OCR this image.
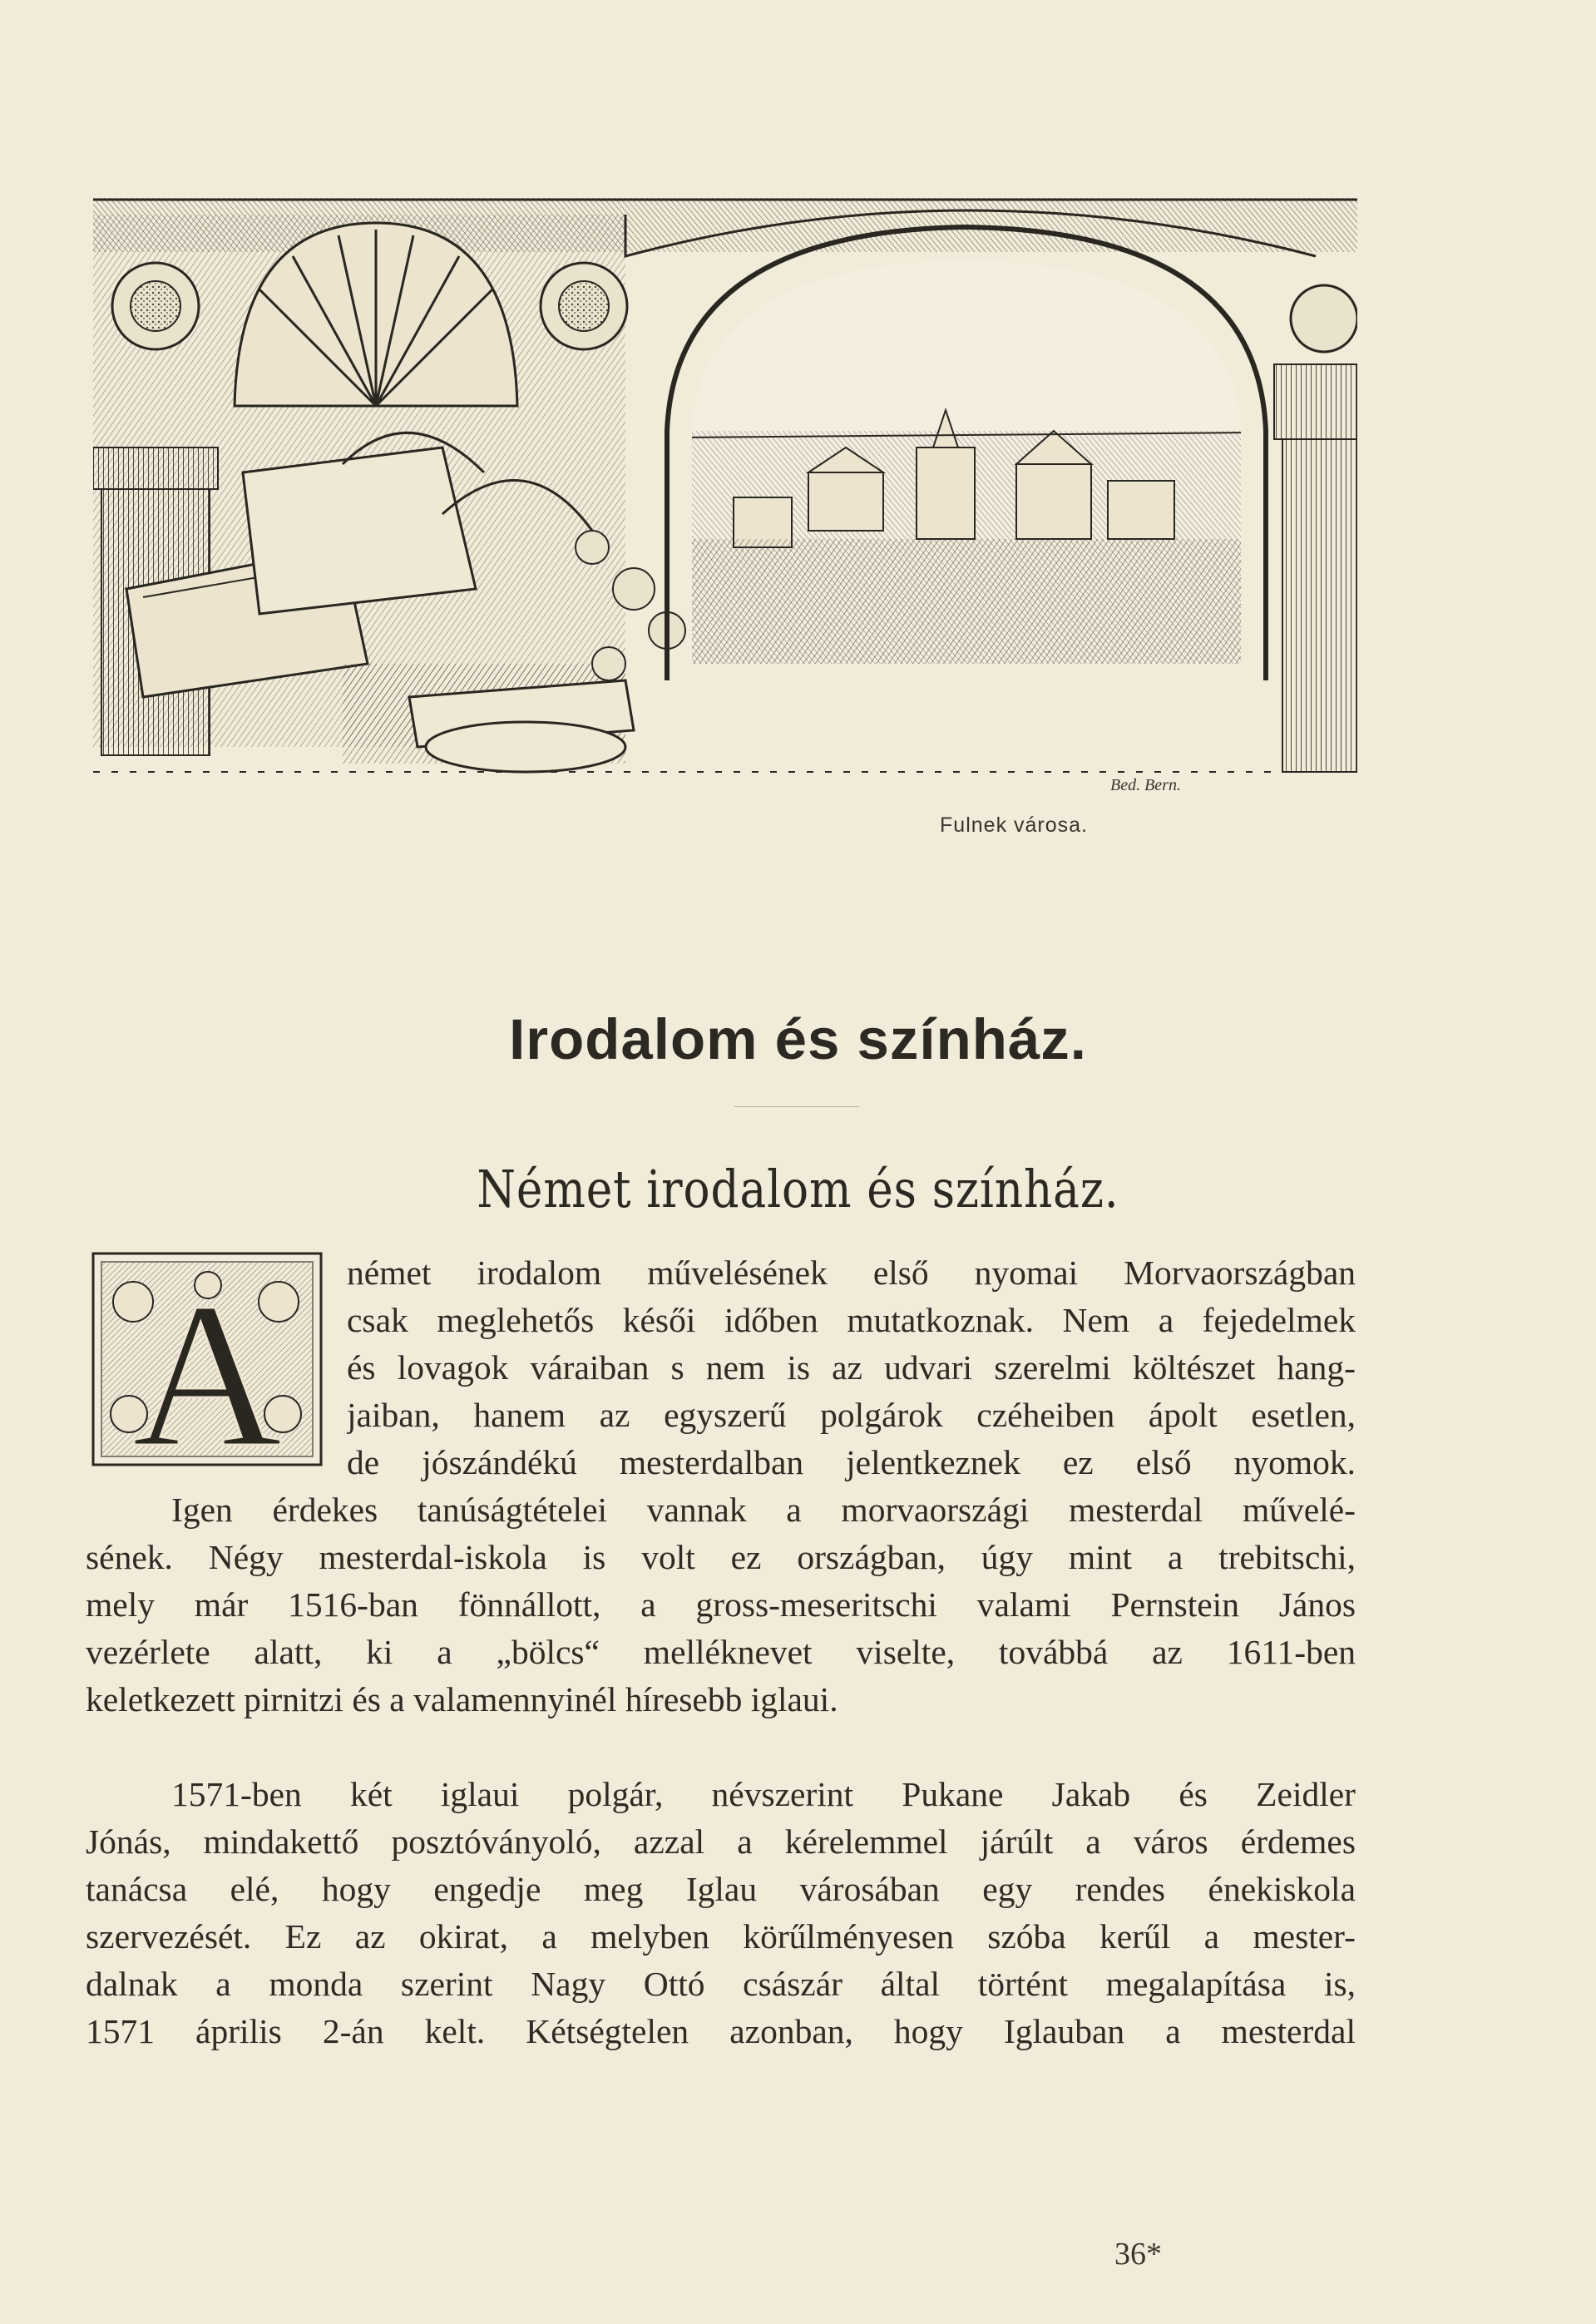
Bed. Bern.
Fulnek városa.
Irodalom és színház.
Német irodalom és színház.
A német irodalom művelésének első nyomai Morvaországban
csak meglehetős késői időben mutatkoznak. Nem a fejedelmek
és lovagok váraiban s nem is az udvari szerelmi költészet hang-
jaiban, hanem az egyszerű polgárok czéheiben ápolt esetlen,
de jószándékú mesterdalban jelentkeznek ez első nyomok.
Igen érdekes tanúságtételei vannak a morvaországi mesterdal művelé-
sének. Négy mesterdal-iskola is volt ez országban, úgy mint a trebitschi,
mely már 1516-ban fönnállott, a gross-meseritschi valami Pernstein János
vezérlete alatt, ki a „bölcs“ melléknevet viselte, továbbá az 1611-ben
keletkezett pirnitzi és a valamennyinél híresebb iglaui.
1571-ben két iglaui polgár, névszerint Pukane Jakab és Zeidler
Jónás, mindakettő posztóványoló, azzal a kérelemmel járúlt a város érdemes
tanácsa elé, hogy engedje meg Iglau városában egy rendes énekiskola
szervezését. Ez az okirat, a melyben körűlményesen szóba kerűl a mester-
dalnak a monda szerint Nagy Ottó császár által történt megalapítása is,
1571 április 2-án kelt. Kétségtelen azonban, hogy Iglauban a mesterdal
36*
